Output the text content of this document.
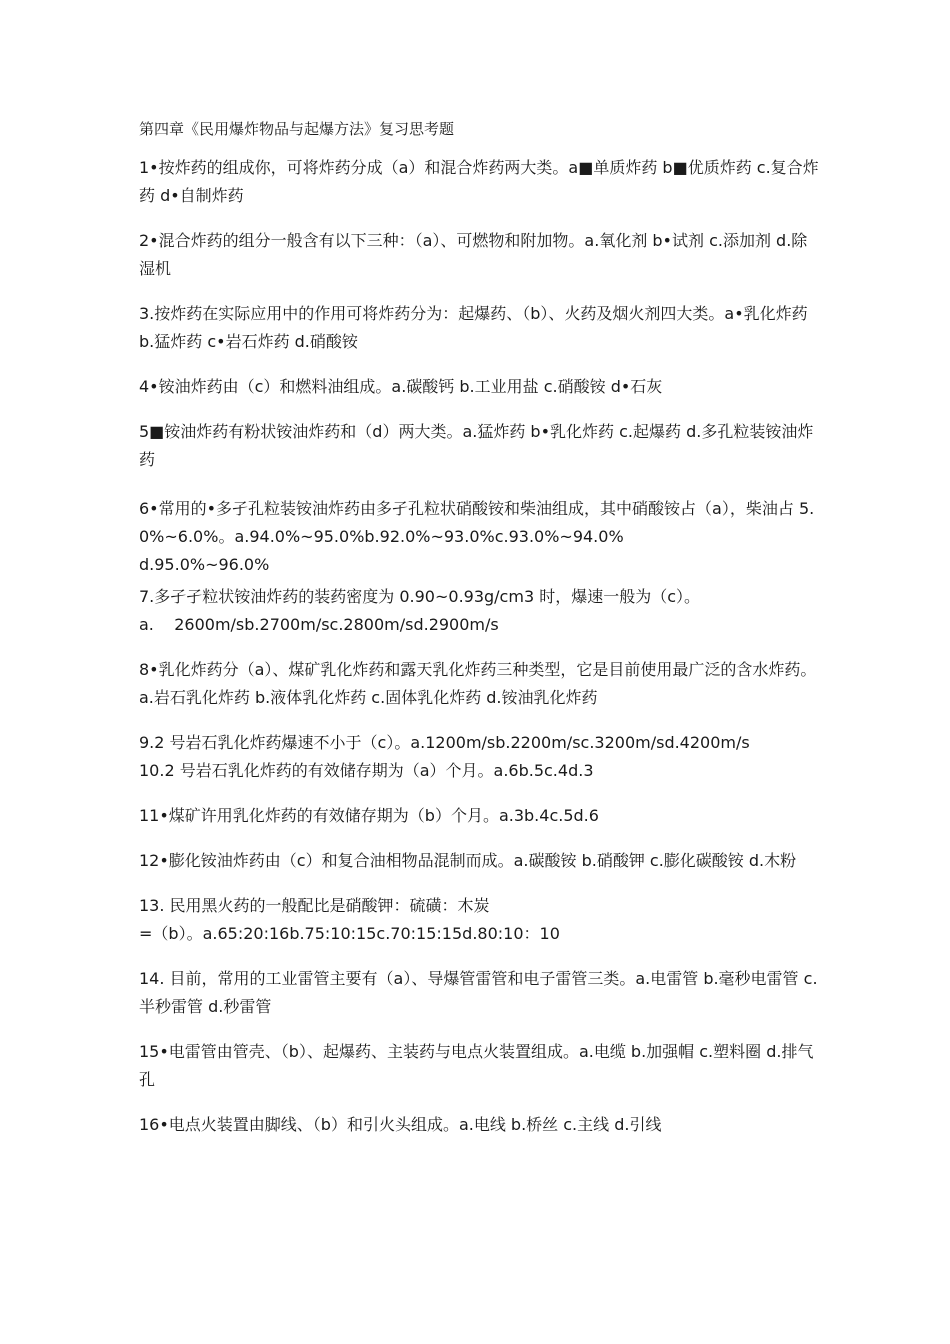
第四章《民用爆炸物品与起爆方法》复习思考题

1•按炸药的组成你，可将炸药分成（a）和混合炸药两大类。a■单质炸药 b■优质炸药 c.复合炸药 d•自制炸药

2•混合炸药的组分一般含有以下三种：（a）、可燃物和附加物。a.氧化剂 b•试剂 c.添加剂 d.除湿机

3.按炸药在实际应用中的作用可将炸药分为：起爆药、（b）、火药及烟火剂四大类。a•乳化炸药 b.猛炸药 c•岩石炸药 d.硝酸铵

4•铵油炸药由（c）和燃料油组成。a.碳酸钙 b.工业用盐 c.硝酸铵 d•石灰

5■铵油炸药有粉状铵油炸药和（d）两大类。a.猛炸药 b•乳化炸药 c.起爆药 d.多孔粒装铵油炸药

6•常用的•多孑孔粒装铵油炸药由多孑孔粒状硝酸铵和柴油组成，其中硝酸铵占（a），柴油占 5.0%~6.0%。a.94.0%~95.0%b.92.0%~93.0%c.93.0%~94.0%

d.95.0%~96.0%

7.多孑孑粒状铵油炸药的装药密度为 0.90~0.93g/cm3 时，爆速一般为（c）。

a.    2600m/sb.2700m/sc.2800m/sd.2900m/s

8•乳化炸药分（a）、煤矿乳化炸药和露天乳化炸药三种类型，它是目前使用最广泛的含水炸药。a.岩石乳化炸药 b.液体乳化炸药 c.固体乳化炸药 d.铵油乳化炸药

9.2 号岩石乳化炸药爆速不小于（c）。a.1200m/sb.2200m/sc.3200m/sd.4200m/s

10.2 号岩石乳化炸药的有效储存期为（a）个月。a.6b.5c.4d.3

11•煤矿许用乳化炸药的有效储存期为（b）个月。a.3b.4c.5d.6

12•膨化铵油炸药由（c）和复合油相物品混制而成。a.碳酸铵 b.硝酸钾 c.膨化碳酸铵 d.木粉

13. 民用黑火药的一般配比是硝酸钾：硫磺：木炭

=（b）。a.65:20:16b.75:10:15c.70:15:15d.80:10：10

14. 目前，常用的工业雷管主要有（a）、导爆管雷管和电子雷管三类。a.电雷管 b.毫秒电雷管 c.半秒雷管 d.秒雷管

15•电雷管由管壳、（b）、起爆药、主装药与电点火装置组成。a.电缆 b.加强帽 c.塑料圈 d.排气孔

16•电点火装置由脚线、（b）和引火头组成。a.电线 b.桥丝 c.主线 d.引线
